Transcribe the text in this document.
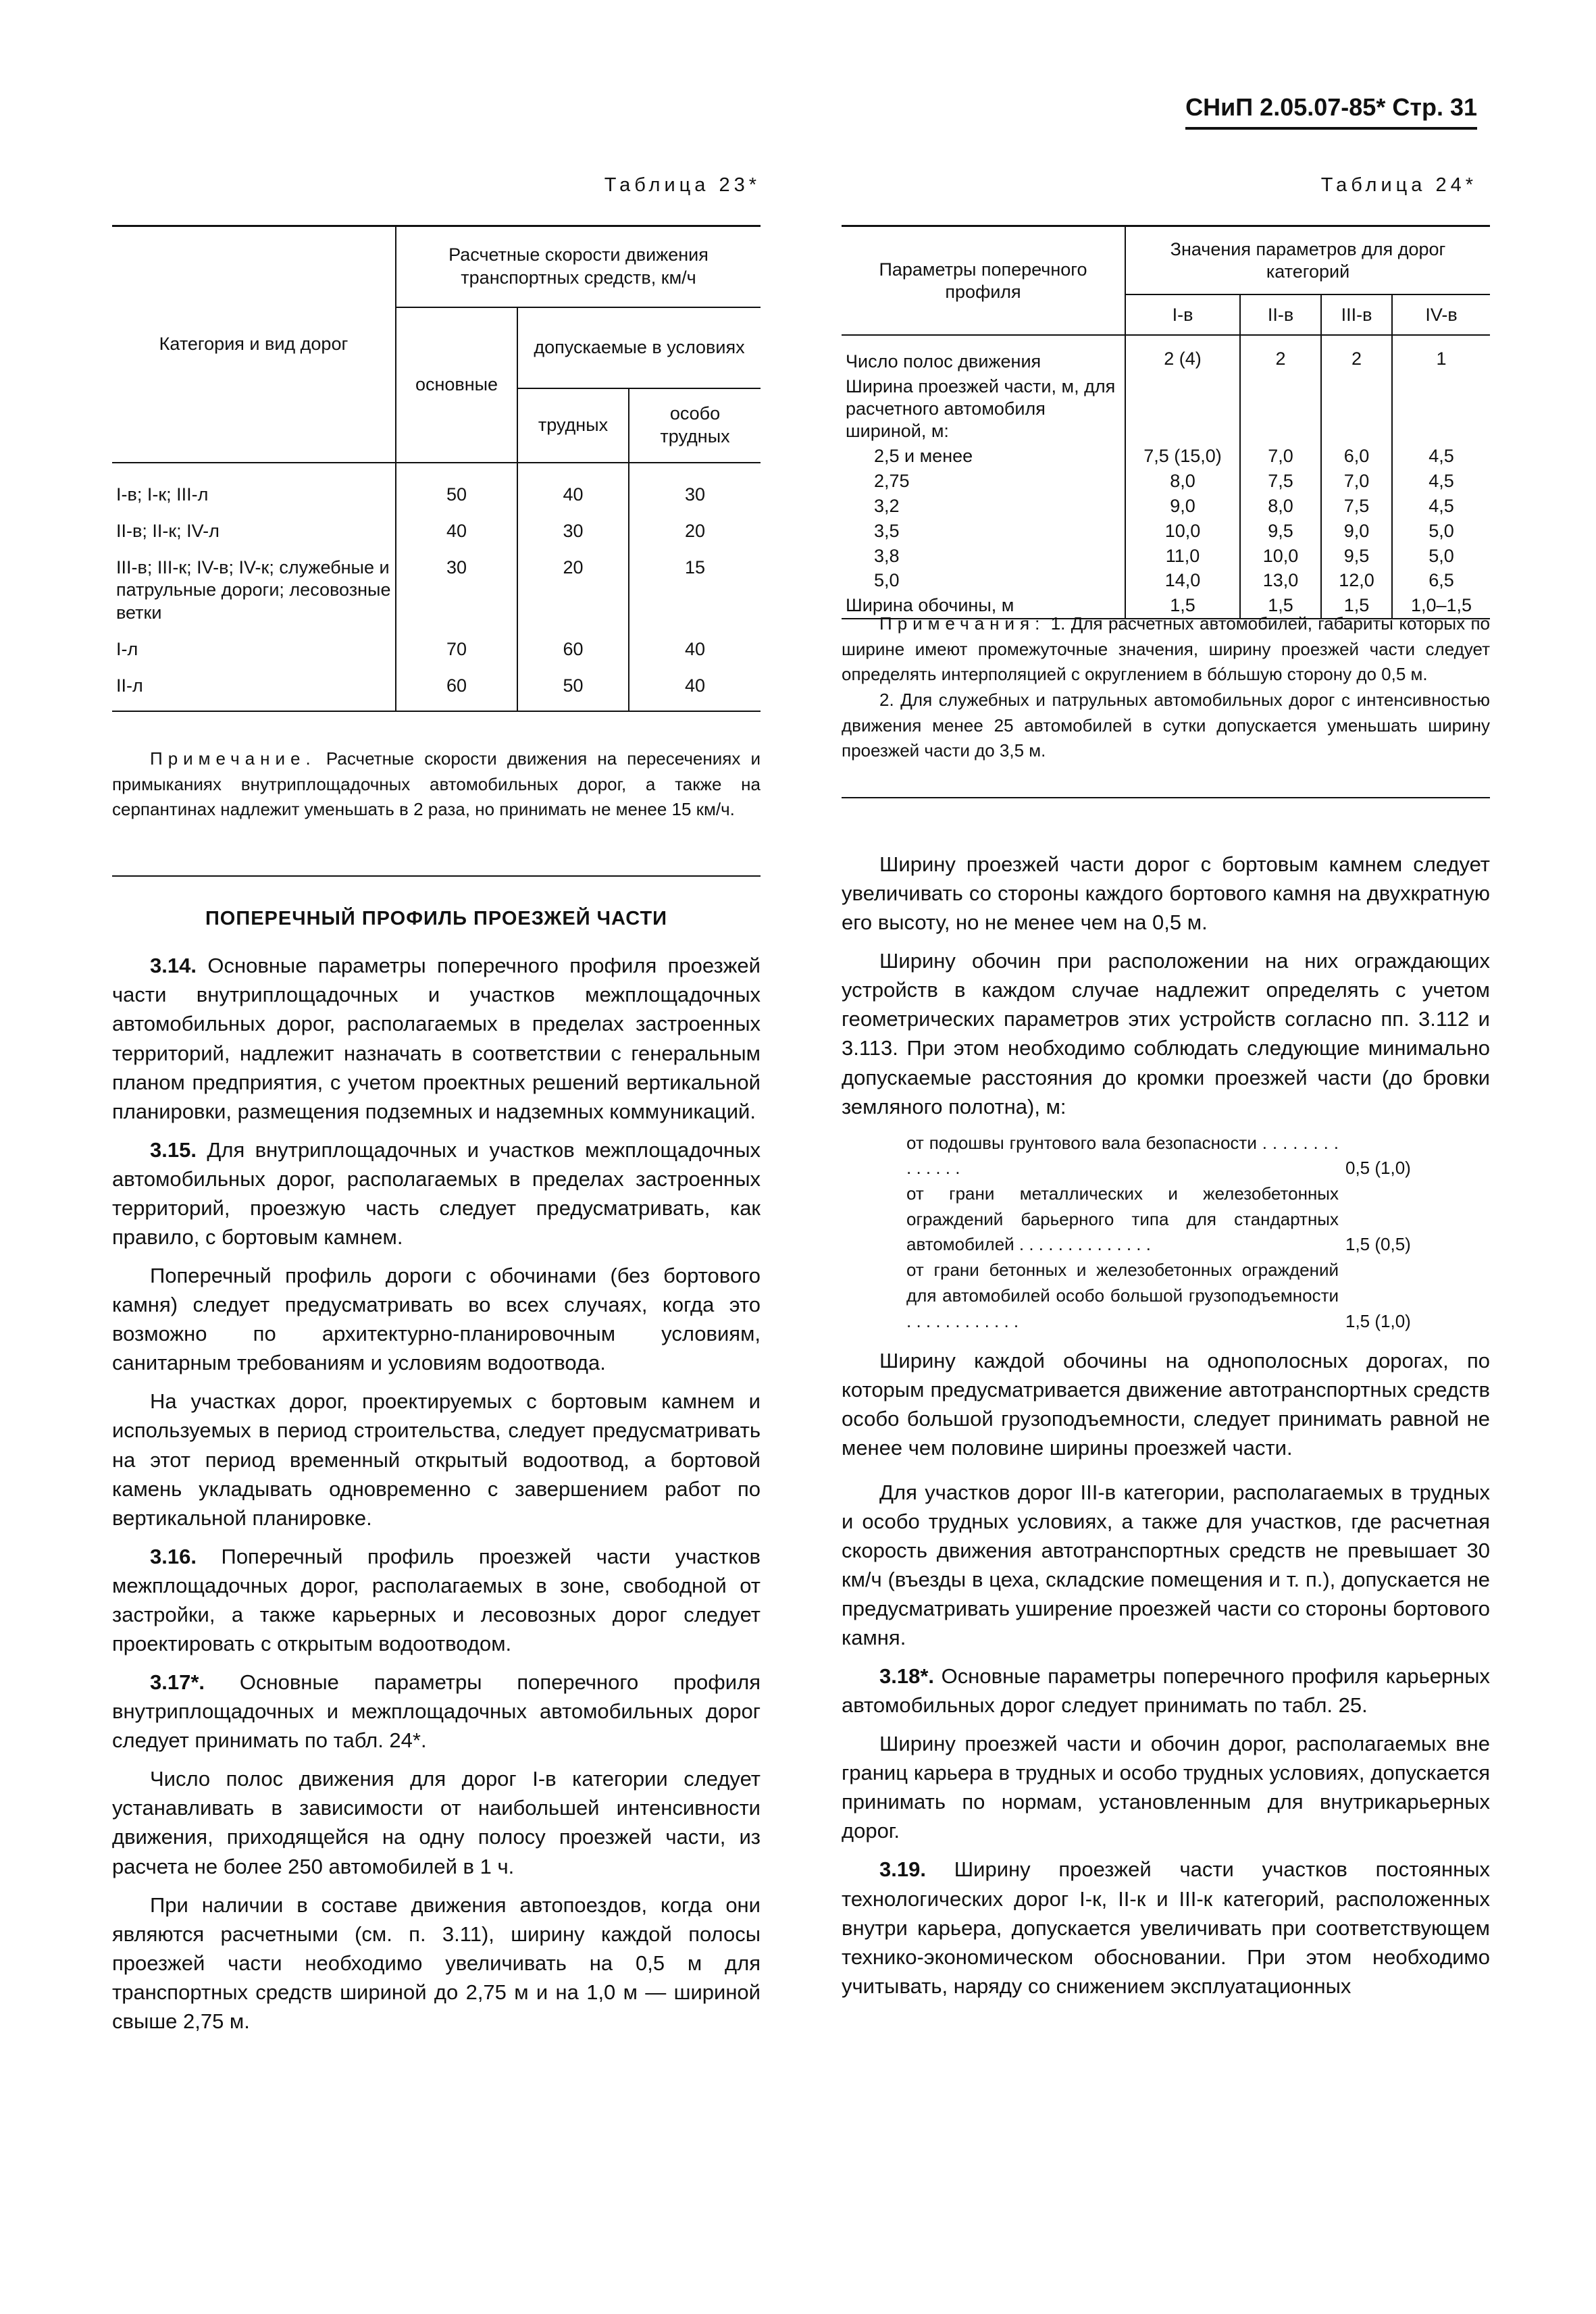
СНиП 2.05.07-85* Стр. 31
Таблица 23*
Категория и вид дорог	Расчетные скорости движения транспортных средств, км/ч		
	основные	допускаемые в условиях	
		трудных	особо трудных
I-в; I-к; III-л	50	40	30
II-в; II-к; IV-л	40	30	20
III-в; III-к; IV-в; IV-к; служебные и патрульные дороги; лесовозные ветки	30	20	15
I-л	70	60	40
II-л	60	50	40
Примечание. Расчетные скорости движения на пересечениях и примыканиях внутриплощадочных автомобильных дорог, а также на серпантинах надлежит уменьшать в 2 раза, но принимать не менее 15 км/ч.
Таблица 24*
Параметры поперечного профиля	Значения параметров для дорог категорий			
	I-в	II-в	III-в	IV-в
Число полос движения	2 (4)	2	2	1
Ширина проезжей части, м, для расчетного автомобиля шириной, м:				
2,5 и менее	7,5 (15,0)	7,0	6,0	4,5
2,75	8,0	7,5	7,0	4,5
3,2	9,0	8,0	7,5	4,5
3,5	10,0	9,5	9,0	5,0
3,8	11,0	10,0	9,5	5,0
5,0	14,0	13,0	12,0	6,5
Ширина обочины, м	1,5	1,5	1,5	1,0–1,5
Примечания: 1. Для расчетных автомобилей, габариты которых по ширине имеют промежуточные значения, ширину проезжей части следует определять интерполяцией с округлением в бóльшую сторону до 0,5 м.
2. Для служебных и патрульных автомобильных дорог с интенсивностью движения менее 25 автомобилей в сутки допускается уменьшать ширину проезжей части до 3,5 м.
ПОПЕРЕЧНЫЙ ПРОФИЛЬ ПРОЕЗЖЕЙ ЧАСТИ

3.14. Основные параметры поперечного профиля проезжей части внутриплощадочных и участков межплощадочных автомобильных дорог, располагаемых в пределах застроенных территорий, надлежит назначать в соответствии с генеральным планом предприятия, с учетом проектных решений вертикальной планировки, размещения подземных и надземных коммуникаций.

3.15. Для внутриплощадочных и участков межплощадочных автомобильных дорог, располагаемых в пределах застроенных территорий, проезжую часть следует предусматривать, как правило, с бортовым камнем.

Поперечный профиль дороги с обочинами (без бортового камня) следует предусматривать во всех случаях, когда это возможно по архитектурно-планировочным условиям, санитарным требованиям и условиям водоотвода.

На участках дорог, проектируемых с бортовым камнем и используемых в период строительства, следует предусматривать на этот период временный открытый водоотвод, а бортовой камень укладывать одновременно с завершением работ по вертикальной планировке.

3.16. Поперечный профиль проезжей части участков межплощадочных дорог, располагаемых в зоне, свободной от застройки, а также карьерных и лесовозных дорог следует проектировать с открытым водоотводом.

3.17*. Основные параметры поперечного профиля внутриплощадочных и межплощадочных автомобильных дорог следует принимать по табл. 24*.

Число полос движения для дорог I-в категории следует устанавливать в зависимости от наибольшей интенсивности движения, приходящейся на одну полосу проезжей части, из расчета не более 250 автомобилей в 1 ч.

При наличии в составе движения автопоездов, когда они являются расчетными (см. п. 3.11), ширину каждой полосы проезжей части необходимо увеличивать на 0,5 м для транспортных средств шириной до 2,75 м и на 1,0 м — шириной свыше 2,75 м.

Ширину проезжей части дорог с бортовым камнем следует увеличивать со стороны каждого бортового камня на двухкратную его высоту, но не менее чем на 0,5 м.

Ширину обочин при расположении на них ограждающих устройств в каждом случае надлежит определять с учетом геометрических параметров этих устройств согласно пп. 3.112 и 3.113. При этом необходимо соблюдать следующие минимально допускаемые расстояния до кромки проезжей части (до бровки земляного полотна), м:

от подошвы грунтового вала безопасности . . . . . . . . . . . . . .	0,5 (1,0)
от грани металлических и железобетонных ограждений барьерного типа для стандартных автомобилей . . . . . . . . . . . . . .	1,5 (0,5)
от грани бетонных и железобетонных ограждений для автомобилей особо большой грузоподъемности . . . . . . . . . . . .	1,5 (1,0)

Ширину каждой обочины на однополосных дорогах, по которым предусматривается движение автотранспортных средств особо большой грузоподъемности, следует принимать равной не менее чем половине ширины проезжей части.

Для участков дорог III-в категории, располагаемых в трудных и особо трудных условиях, а также для участков, где расчетная скорость движения автотранспортных средств не превышает 30 км/ч (въезды в цеха, складские помещения и т. п.), допускается не предусматривать уширение проезжей части со стороны бортового камня.

3.18*. Основные параметры поперечного профиля карьерных автомобильных дорог следует принимать по табл. 25.

Ширину проезжей части и обочин дорог, располагаемых вне границ карьера в трудных и особо трудных условиях, допускается принимать по нормам, установленным для внутрикарьерных дорог.

3.19. Ширину проезжей части участков постоянных технологических дорог I-к, II-к и III-к категорий, расположенных внутри карьера, допускается увеличивать при соответствующем технико-экономическом обосновании. При этом необходимо учитывать, наряду со снижением эксплуатационных
